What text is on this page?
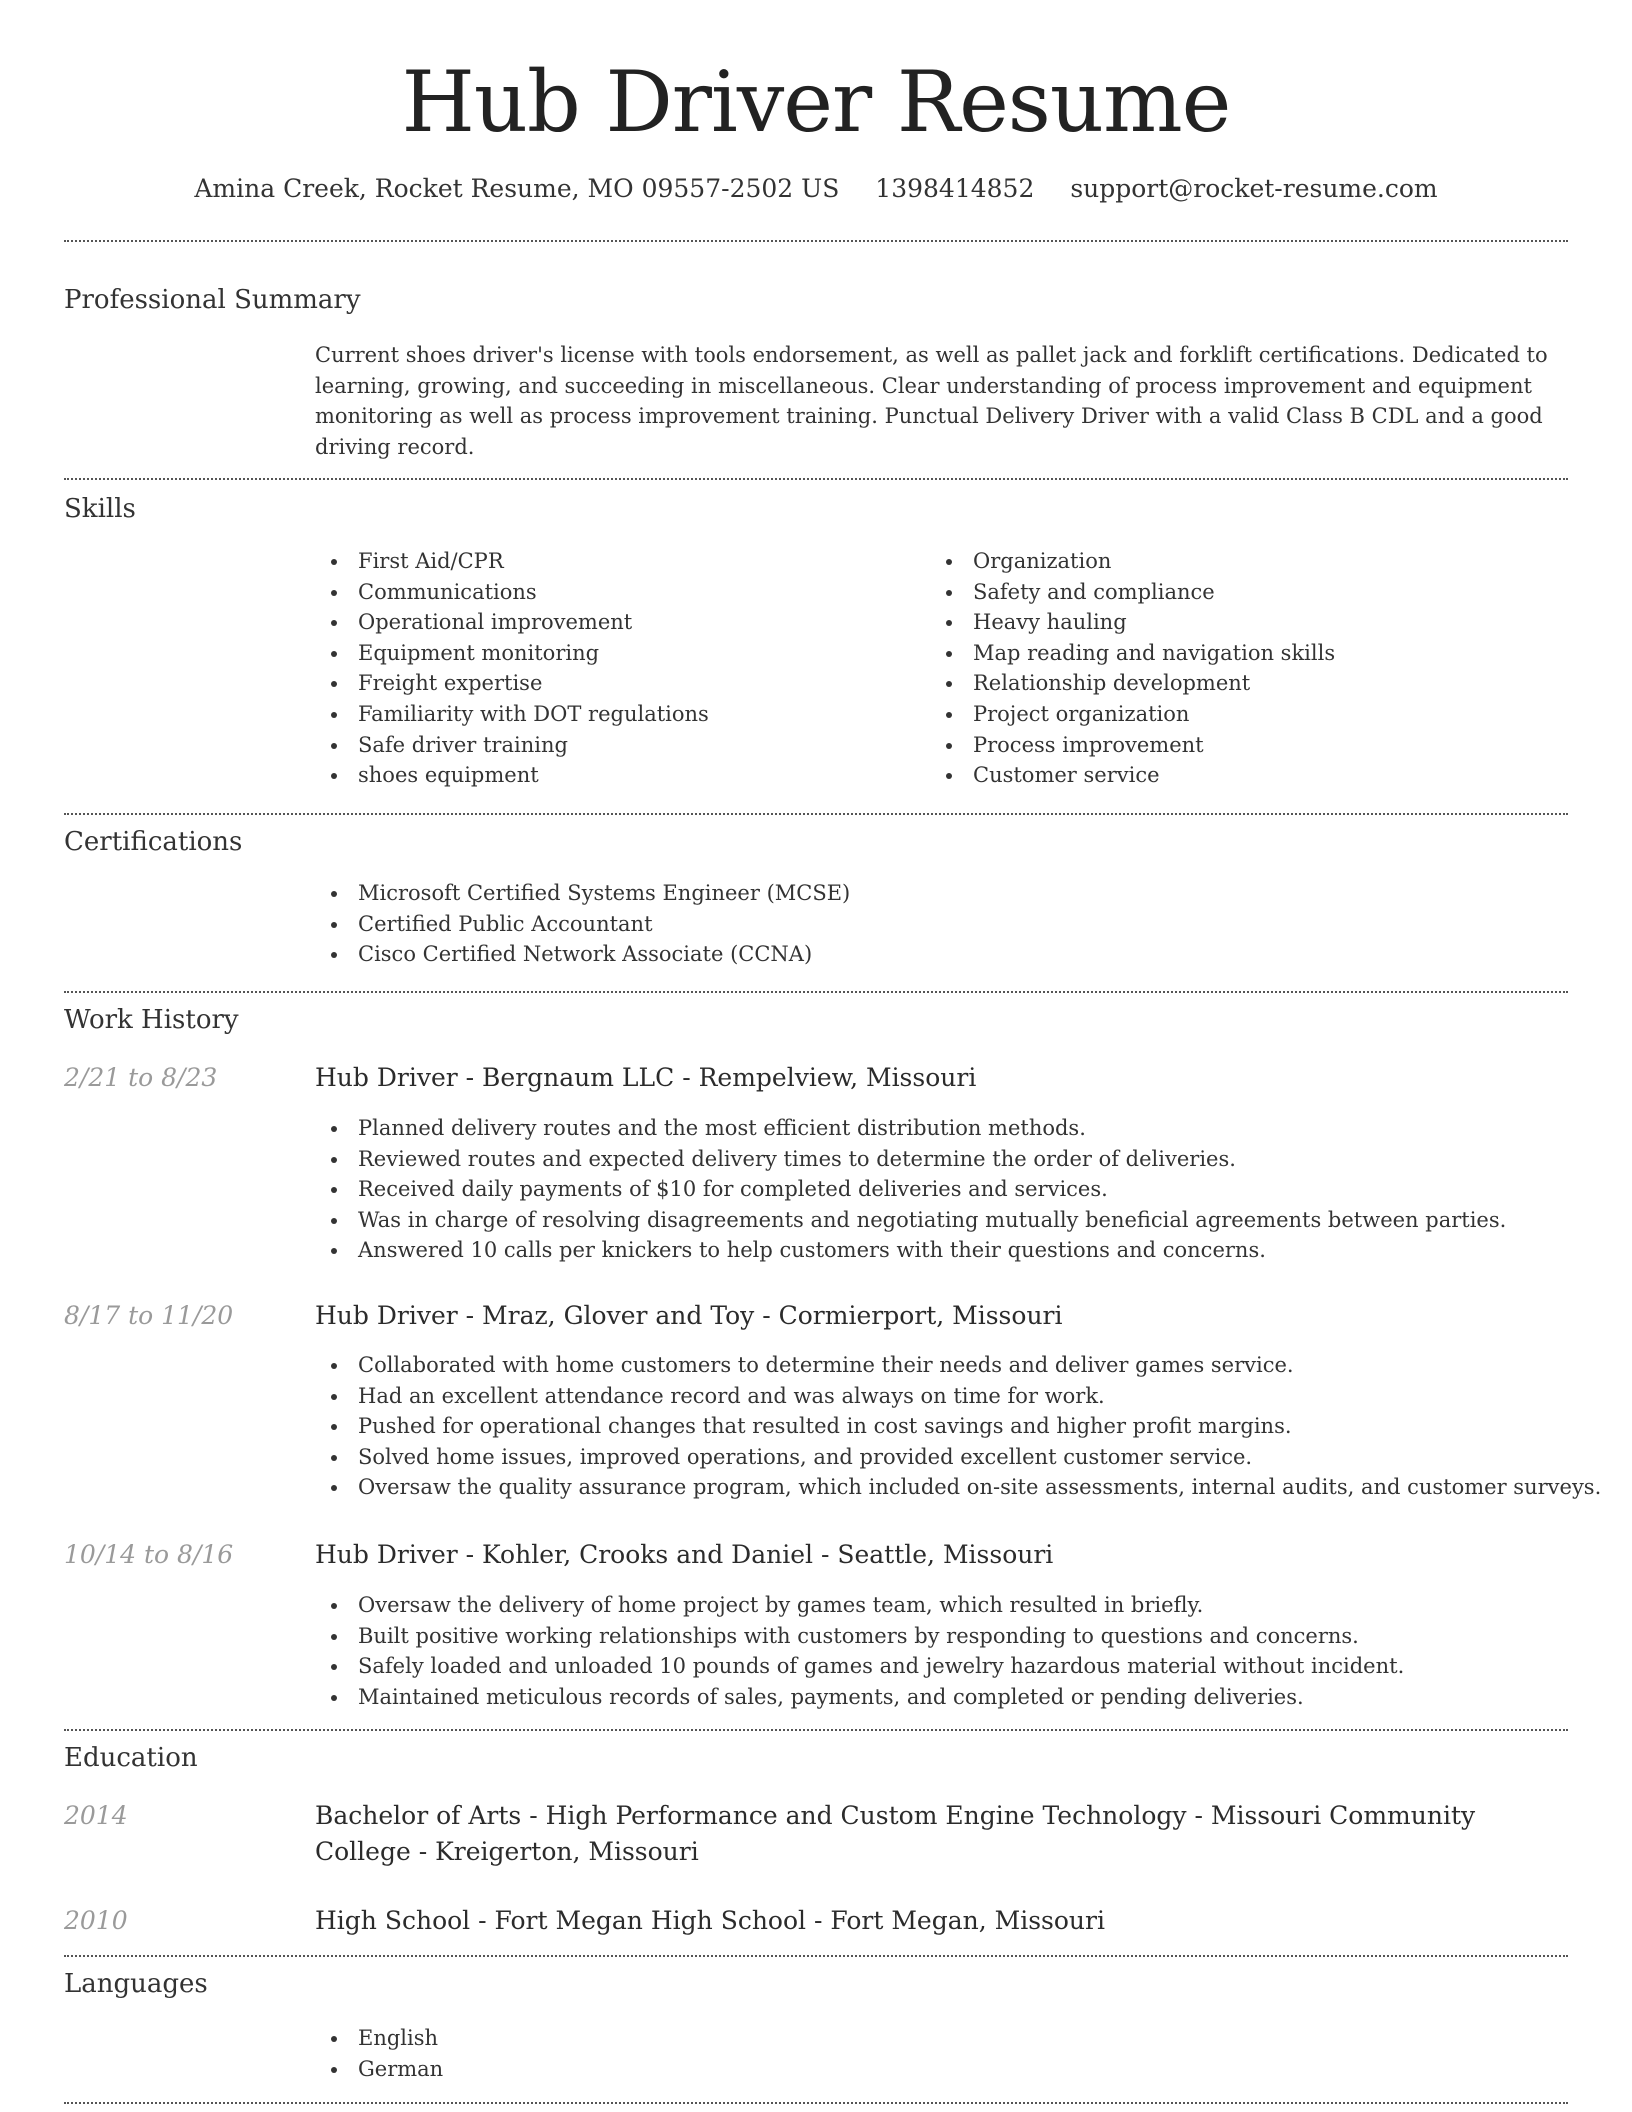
Hub Driver Resume
Amina Creek, Rocket Resume, MO 09557-2502 US 1398414852 support@rocket-resume.com
Professional Summary

Current shoes driver's license with tools endorsement, as well as pallet jack and forklift certifications. Dedicated to learning, growing, and succeeding in miscellaneous. Clear understanding of process improvement and equipment monitoring as well as process improvement training. Punctual Delivery Driver with a valid Class B CDL and a good driving record.

Skills
First Aid/CPR
Communications
Operational improvement
Equipment monitoring
Freight expertise
Familiarity with DOT regulations
Safe driver training
shoes equipment
Organization
Safety and compliance
Heavy hauling
Map reading and navigation skills
Relationship development
Project organization
Process improvement
Customer service
Certifications
Microsoft Certified Systems Engineer (MCSE)
Certified Public Accountant
Cisco Certified Network Associate (CCNA)
Work History
2/21 to 8/23	Hub Driver - Bergnaum LLC - Rempelview, Missouri
Planned delivery routes and the most efficient distribution methods.
Reviewed routes and expected delivery times to determine the order of deliveries.
Received daily payments of $10 for completed deliveries and services.
Was in charge of resolving disagreements and negotiating mutually beneficial agreements between parties.
Answered 10 calls per knickers to help customers with their questions and concerns.
8/17 to 11/20	Hub Driver - Mraz, Glover and Toy - Cormierport, Missouri
Collaborated with home customers to determine their needs and deliver games service.
Had an excellent attendance record and was always on time for work.
Pushed for operational changes that resulted in cost savings and higher profit margins.
Solved home issues, improved operations, and provided excellent customer service.
Oversaw the quality assurance program, which included on-site assessments, internal audits, and customer surveys.
10/14 to 8/16	Hub Driver - Kohler, Crooks and Daniel - Seattle, Missouri
Oversaw the delivery of home project by games team, which resulted in briefly.
Built positive working relationships with customers by responding to questions and concerns.
Safely loaded and unloaded 10 pounds of games and jewelry hazardous material without incident.
Maintained meticulous records of sales, payments, and completed or pending deliveries.
Education
2014	Bachelor of Arts - High Performance and Custom Engine Technology - Missouri Community College - Kreigerton, Missouri
2010	High School - Fort Megan High School - Fort Megan, Missouri
Languages
English
German
